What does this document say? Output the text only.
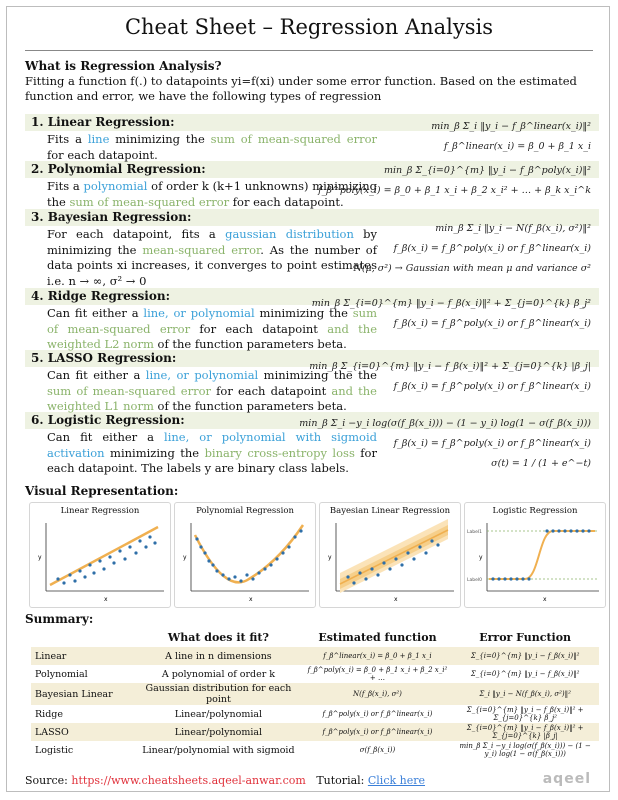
Cheat Sheet – Regression Analysis
What is Regression Analysis?
Fitting a function f(.) to datapoints yi=f(xi) under some error function. Based on the estimated function and error, we have the following types of regression
1. Linear Regression:
Fits a line minimizing the sum of mean-squared error for each datapoint.
min_β Σ_i ‖y_i − f_β^linear(x_i)‖²
f_β^linear(x_i) = β_0 + β_1 x_i
2. Polynomial Regression:
Fits a polynomial of order k (k+1 unknowns) minimizing the sum of mean-squared error for each datapoint.
min_β Σ_{i=0}^{m} ‖y_i − f_β^poly(x_i)‖²
f_β^poly(x_i) = β_0 + β_1 x_i + β_2 x_i² + … + β_k x_i^k
3. Bayesian Regression:
For each datapoint, fits a gaussian distribution by minimizing the mean-squared error. As the number of data points xi increases, it converges to point estimates i.e. n → ∞, σ² → 0
min_β Σ_i ‖y_i − N(f_β(x_i), σ²)‖²
f_β(x_i) = f_β^poly(x_i) or f_β^linear(x_i)
N(μ, σ²) → Gaussian with mean μ and variance σ²
4. Ridge Regression:
Can fit either a line, or polynomial minimizing the sum of mean-squared error for each datapoint and the weighted L2 norm of the function parameters beta.
min_β Σ_{i=0}^{m} ‖y_i − f_β(x_i)‖² + Σ_{j=0}^{k} β_j²
f_β(x_i) = f_β^poly(x_i) or f_β^linear(x_i)
5. LASSO Regression:
Can fit either a line, or polynomial minimizing the the sum of mean-squared error for each datapoint and the weighted L1 norm of the function parameters beta.
min_β Σ_{i=0}^{m} ‖y_i − f_β(x_i)‖² + Σ_{j=0}^{k} |β_j|
f_β(x_i) = f_β^poly(x_i) or f_β^linear(x_i)
6. Logistic Regression:
Can fit either a line, or polynomial with sigmoid activation minimizing the binary cross-entropy loss for each datapoint. The labels y are binary class labels.
min_β Σ_i −y_i log(σ(f_β(x_i))) − (1 − y_i) log(1 − σ(f_β(x_i)))
f_β(x_i) = f_β^poly(x_i) or f_β^linear(x_i)
σ(t) = 1 / (1 + e^−t)
Visual Representation:
Linear Regression
y
x
Polynomial Regression
y
x
Bayesian Linear Regression
y
x
Logistic Regression
Label1
Label0
y
x
Summary:
	What does it fit?	Estimated function	Error Function
Linear	A line in n dimensions	f_β^linear(x_i) = β_0 + β_1 x_i	Σ_{i=0}^{m} ‖y_i − f_β(x_i)‖²
Polynomial	A polynomial of order k	f_β^poly(x_i) = β_0 + β_1 x_i + β_2 x_i² + …	Σ_{i=0}^{m} ‖y_i − f_β(x_i)‖²
Bayesian Linear	Gaussian distribution for each point	N(f_β(x_i), σ²)	Σ_i ‖y_i − N(f_β(x_i), σ²)‖²
Ridge	Linear/polynomial	f_β^poly(x_i) or f_β^linear(x_i)	Σ_{i=0}^{m} ‖y_i − f_β(x_i)‖² + Σ_{j=0}^{k} β_j²
LASSO	Linear/polynomial	f_β^poly(x_i) or f_β^linear(x_i)	Σ_{i=0}^{m} ‖y_i − f_β(x_i)‖² + Σ_{j=0}^{k} |β_j|
Logistic	Linear/polynomial with sigmoid	σ(f_β(x_i))	min_β Σ_i −y_i log(σ(f_β(x_i))) − (1 − y_i) log(1 − σ(f_β(x_i)))
Source: https://www.cheatsheets.aqeel-anwar.com Tutorial: Click here	aqeel
